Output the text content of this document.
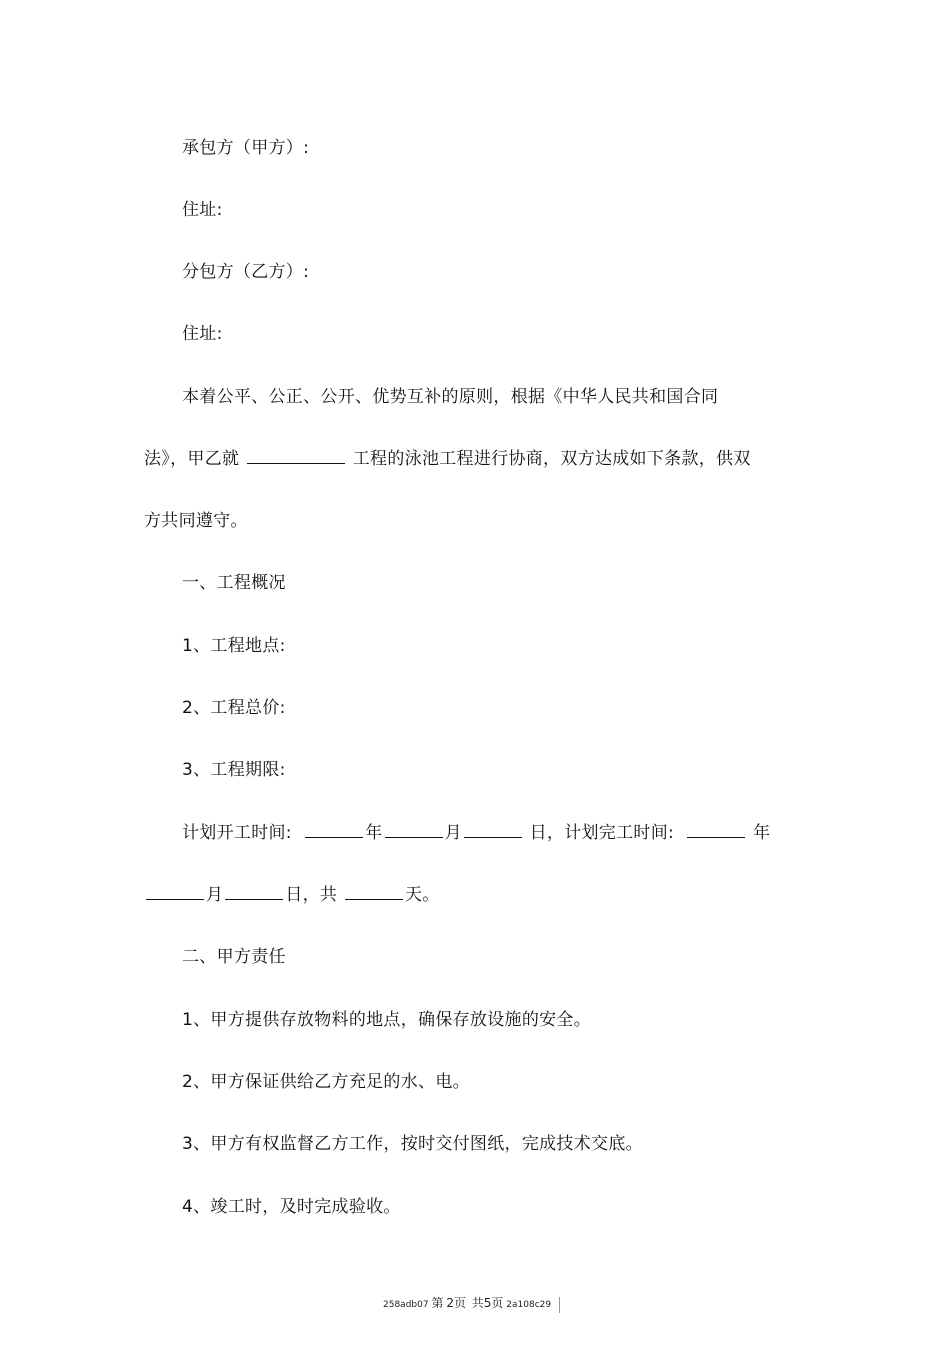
承包方（甲方）:
住址:
分包方（乙方）:
住址:
本着公平、公正、公开、优势互补的原则，根据《中华人民共和国合同
法》，甲乙就	工程的泳池工程进行协商，双方达成如下条款，供双
方共同遵守。
一、工程概况
1、工程地点:
2、工程总价:
3、工程期限:
计划开工时间:	年	月	日，计划完工时间:	年
月	日，共	天。
二、甲方责任
1、甲方提供存放物料的地点，确保存放设施的安全。
2、甲方保证供给乙方充足的水、电。
3、甲方有权监督乙方工作，按时交付图纸，完成技术交底。
4、竣工时，及时完成验收。
258adb07 第 2页 共5页 2a108c29
